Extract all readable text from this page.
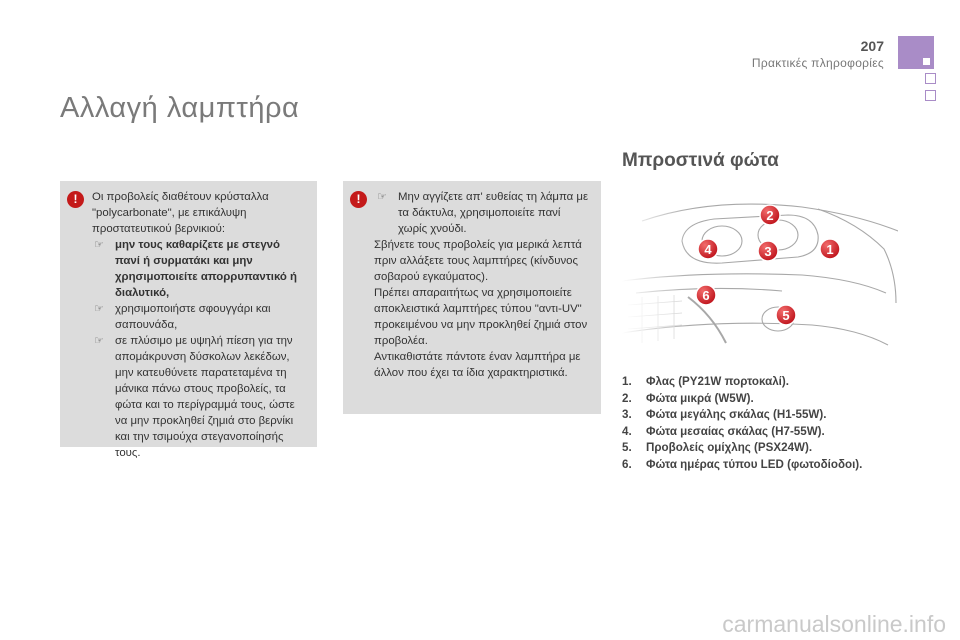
207
Πρακτικές πληροφορίες
Αλλαγή λαμπτήρα
!	Οι προβολείς διαθέτουν κρύσταλλα "polycarbonate", με επικάλυψη προστατευτικού βερνικιού:

☞ μην τους καθαρίζετε με στεγνό πανί ή συρματάκι και μην χρησιμοποιείτε απορρυπαντικό ή διαλυτικό,

☞ χρησιμοποιήστε σφουγγάρι και σαπουνάδα,

☞ σε πλύσιμο με υψηλή πίεση για την απομάκρυνση δύσκολων λεκέδων, μην κατευθύνετε παρατεταμένα τη μάνικα πάνω στους προβολείς, τα φώτα και το περίγραμμά τους, ώστε να μην προκληθεί ζημιά στο βερνίκι και την τσιμούχα στεγανοποίησής τους.

!

☞	Μην αγγίζετε απ' ευθείας τη λάμπα με τα δάκτυλα, χρησιμοποιείτε πανί χωρίς χνούδι.

Σβήνετε τους προβολείς για μερικά λεπτά πριν αλλάξετε τους λαμπτήρες (κίνδυνος σοβαρού εγκαύματος).

Πρέπει απαραιτήτως να χρησιμοποιείτε αποκλειστικά λαμπτήρες τύπου "αντι-UV" προκειμένου να μην προκληθεί ζημιά στον προβολέα.

Αντικαθιστάτε πάντοτε έναν λαμπτήρα με άλλον που έχει τα ίδια χαρακτηριστικά.

Μπροστινά φώτα
2
4	3	1
6
5
1. Φλας (PY21W πορτοκαλί).
2. Φώτα μικρά (W5W).
3. Φώτα μεγάλης σκάλας (H1-55W).
4. Φώτα μεσαίας σκάλας (H7-55W).
5. Προβολείς ομίχλης (PSX24W).
6. Φώτα ημέρας τύπου LED (φωτοδίοδοι).
carmanualsonline.info
